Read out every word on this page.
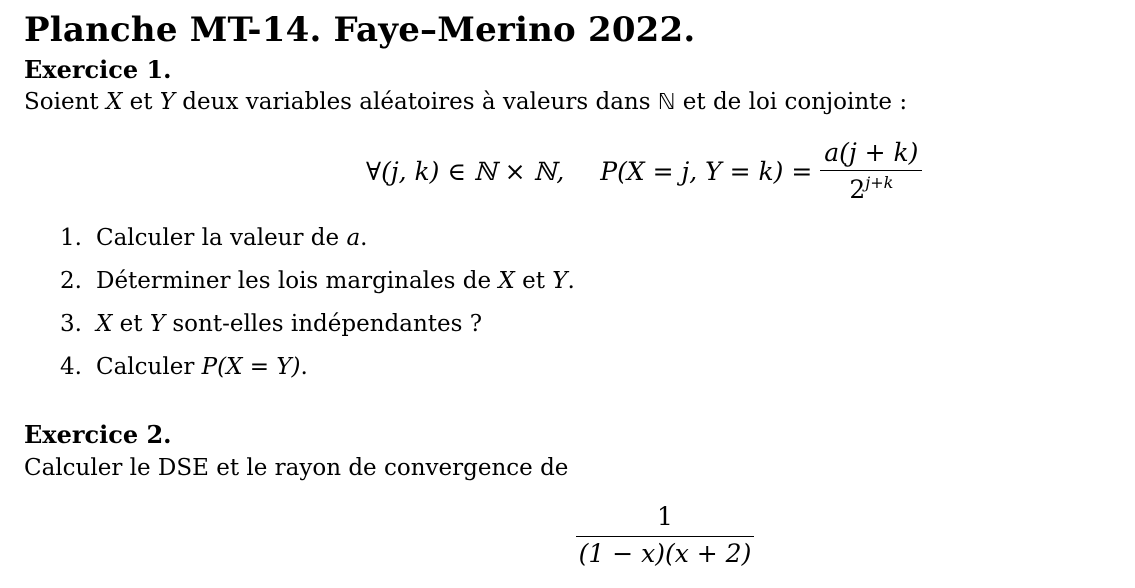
Planche MT-14. Faye–Merino 2022.
Exercice 1.
Soient X et Y deux variables aléatoires à valeurs dans ℕ et de loi conjointe :
∀(j, k) ∈ ℕ × ℕ, P(X = j, $Y = k) = \frac{a(j + k)}{2^{j+k}}$
1. Calculer la valeur de a.
2. Déterminer les lois marginales de X et Y.
3. X et Y sont-elles indépendantes ?
4. Calculer P(X = Y).
Exercice 2.
Calculer le DSE et le rayon de convergence de
1
(1 − x)(x + 2)
